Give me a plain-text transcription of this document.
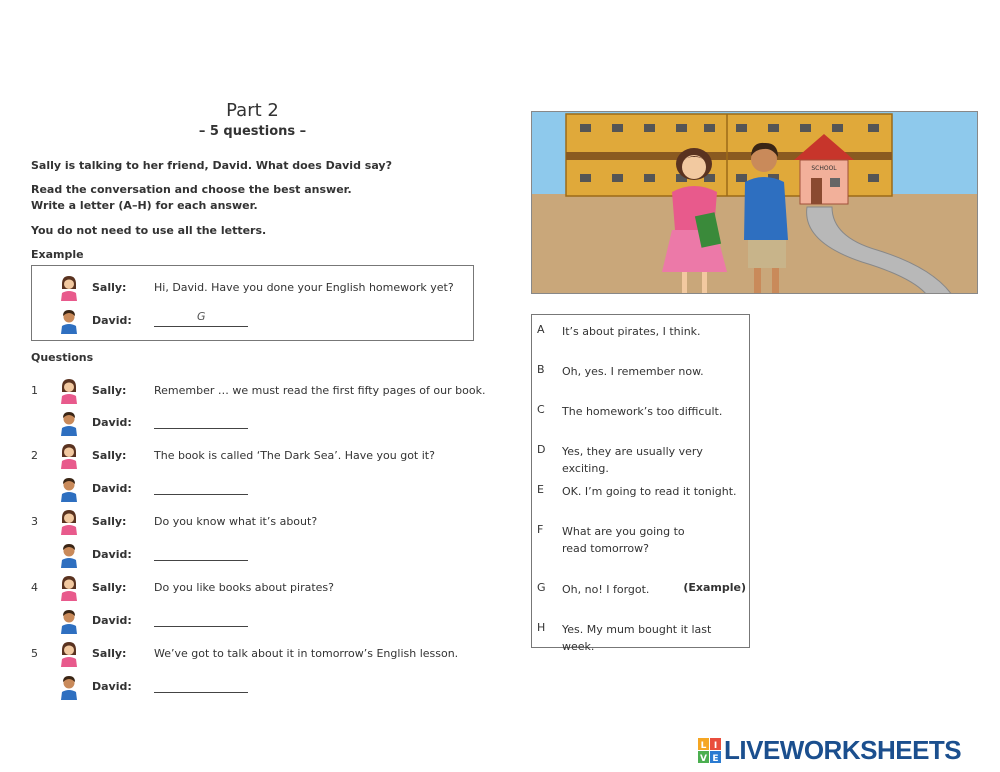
Part 2
– 5 questions –
Sally is talking to her friend, David. What does David say?
Read the conversation and choose the best answer.
Write a letter (A–H) for each answer.
You do not need to use all the letters.
Example
Sally:	Hi, David. Have you done your English homework yet?
David:	G
Questions
1	Sally:	Remember … we must read the first fifty pages of our book.
David:
2	Sally:	The book is called ‘The Dark Sea’. Have you got it?
David:
3	Sally:	Do you know what it’s about?
David:
4	Sally:	Do you like books about pirates?
David:
5	Sally:	We’ve got to talk about it in tomorrow’s English lesson.
David:
SCHOOL
A It’s about pirates, I think.
B Oh, yes. I remember now.
C The homework’s too difficult.
D Yes, they are usually very exciting.
E OK. I’m going to read it tonight.
F What are you going to read tomorrow?
G Oh, no! I forgot.	(Example)
H Yes. My mum bought it last week.
L I
V E LIVEWORKSHEETS
